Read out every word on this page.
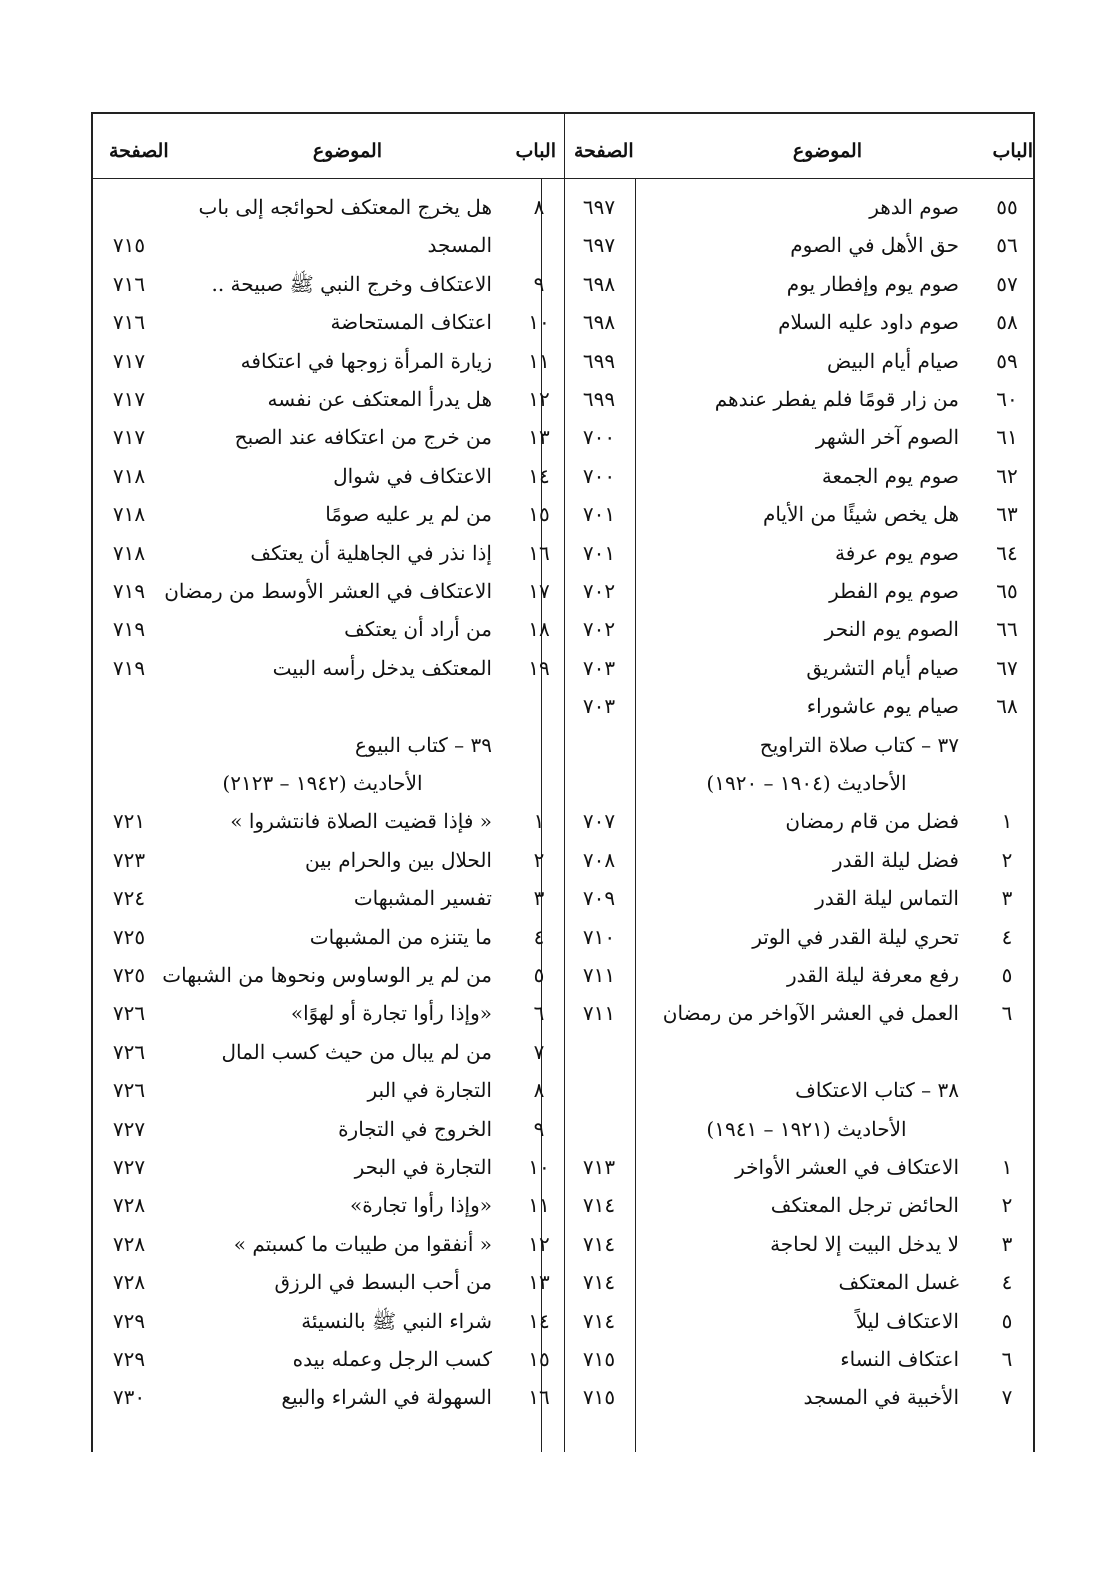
الباب
الموضوع
الصفحة
٥٥
صوم الدهر
٦٩٧
٥٦
حق الأهل في الصوم
٦٩٧
٥٧
صوم يوم وإفطار يوم
٦٩٨
٥٨
صوم داود عليه السلام
٦٩٨
٥٩
صيام أيام البيض
٦٩٩
٦٠
من زار قومًا فلم يفطر عندهم
٦٩٩
٦١
الصوم آخر الشهر
٧٠٠
٦٢
صوم يوم الجمعة
٧٠٠
٦٣
هل يخص شيئًا من الأيام
٧٠١
٦٤
صوم يوم عرفة
٧٠١
٦٥
صوم يوم الفطر
٧٠٢
٦٦
الصوم يوم النحر
٧٠٢
٦٧
صيام أيام التشريق
٧٠٣
٦٨
صيام يوم عاشوراء
٧٠٣
٣٧ – كتاب صلاة التراويح
الأحاديث (١٩٠٤ – ١٩٢٠)
١
فضل من قام رمضان
٧٠٧
٢
فضل ليلة القدر
٧٠٨
٣
التماس ليلة القدر
٧٠٩
٤
تحري ليلة القدر في الوتر
٧١٠
٥
رفع معرفة ليلة القدر
٧١١
٦
العمل في العشر الآواخر من رمضان
٧١١
٣٨ – كتاب الاعتكاف
الأحاديث (١٩٢١ – ١٩٤١)
١
الاعتكاف في العشر الأواخر
٧١٣
٢
الحائض ترجل المعتكف
٧١٤
٣
لا يدخل البيت إلا لحاجة
٧١٤
٤
غسل المعتكف
٧١٤
٥
الاعتكاف ليلاً
٧١٤
٦
اعتكاف النساء
٧١٥
٧
الأخبية في المسجد
٧١٥
الباب
الموضوع
الصفحة
٨
هل يخرج المعتكف لحوائجه إلى باب
المسجد
٧١٥
٩
الاعتكاف وخرج النبي ﷺ صبيحة ..
٧١٦
١٠
اعتكاف المستحاضة
٧١٦
١١
زيارة المرأة زوجها في اعتكافه
٧١٧
١٢
هل يدرأ المعتكف عن نفسه
٧١٧
١٣
من خرج من اعتكافه عند الصبح
٧١٧
١٤
الاعتكاف في شوال
٧١٨
١٥
من لم ير عليه صومًا
٧١٨
١٦
إذا نذر في الجاهلية أن يعتكف
٧١٨
١٧
الاعتكاف في العشر الأوسط من رمضان
٧١٩
١٨
من أراد أن يعتكف
٧١٩
١٩
المعتكف يدخل رأسه البيت
٧١٩
٣٩ – كتاب البيوع
الأحاديث (١٩٤٢ – ٢١٢٣)
١
« فإذا قضيت الصلاة فانتشروا »
٧٢١
٢
الحلال بين والحرام بين
٧٢٣
٣
تفسير المشبهات
٧٢٤
٤
ما يتنزه من المشبهات
٧٢٥
٥
من لم ير الوساوس ونحوها من الشبهات
٧٢٥
٦
«وإذا رأوا تجارة أو لهوًا»
٧٢٦
٧
من لم يبال من حيث كسب المال
٧٢٦
٨
التجارة في البر
٧٢٦
٩
الخروج في التجارة
٧٢٧
١٠
التجارة في البحر
٧٢٧
١١
«وإذا رأوا تجارة»
٧٢٨
١٢
« أنفقوا من طيبات ما كسبتم »
٧٢٨
١٣
من أحب البسط في الرزق
٧٢٨
١٤
شراء النبي ﷺ بالنسيئة
٧٢٩
١٥
كسب الرجل وعمله بيده
٧٢٩
١٦
السهولة في الشراء والبيع
٧٣٠
